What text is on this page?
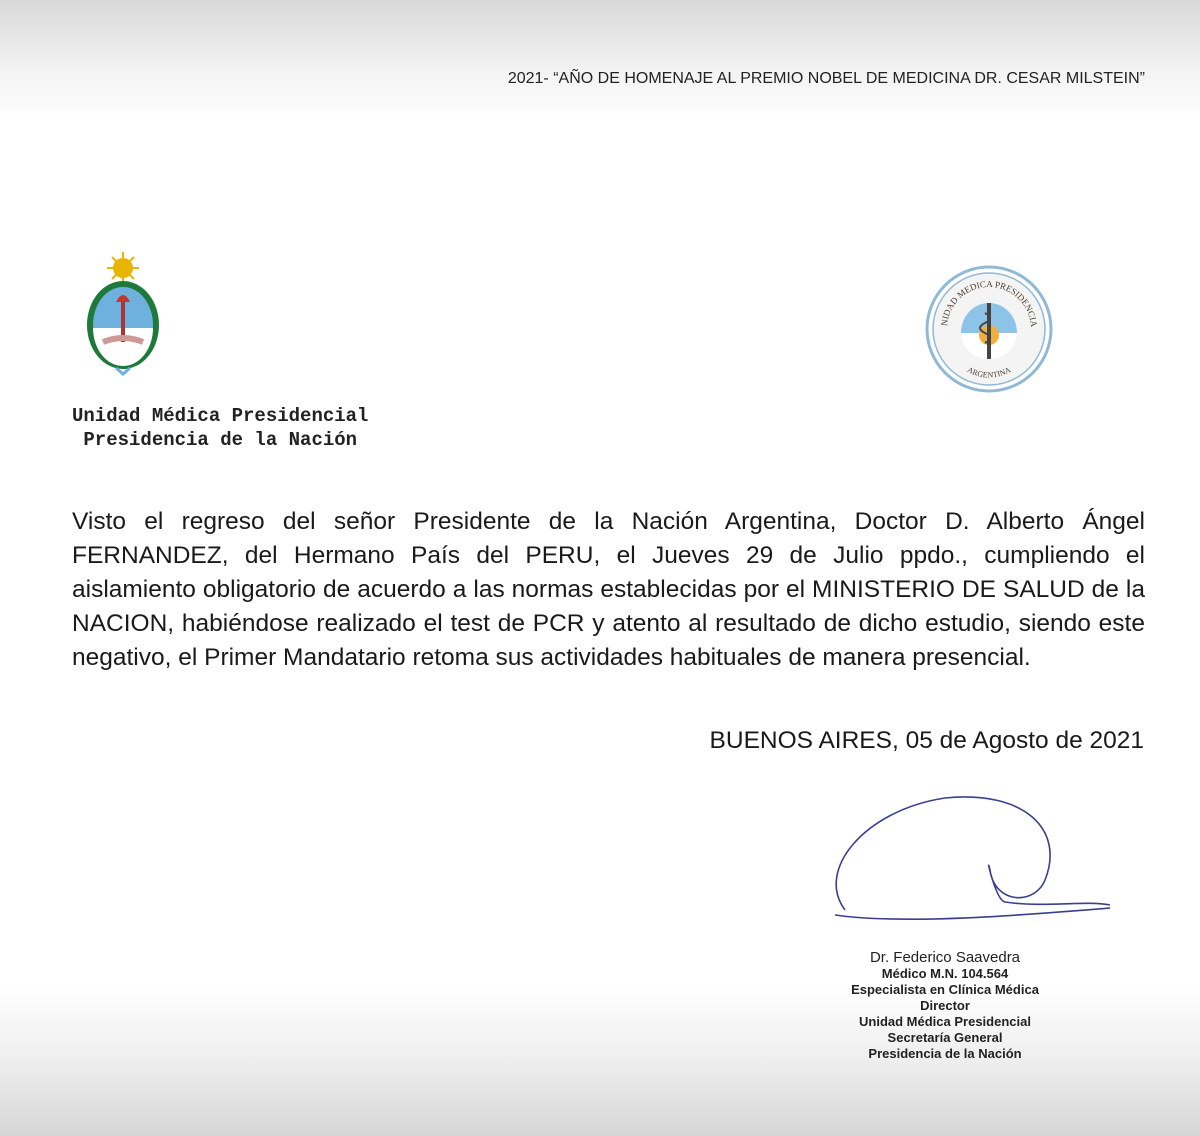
2021- “AÑO DE HOMENAJE AL PREMIO NOBEL DE MEDICINA DR. CESAR MILSTEIN”
NIDAD MEDICA PRESIDENCIA
ARGENTINA
Unidad Médica Presidencial
Presidencia de la Nación
Visto el regreso del señor Presidente de la Nación Argentina, Doctor D. Alberto Ángel FERNANDEZ, del Hermano País del PERU, el Jueves 29 de Julio ppdo., cumpliendo el aislamiento obligatorio de acuerdo a las normas establecidas por el MINISTERIO DE SALUD de la NACION, habiéndose realizado el test de PCR y atento al resultado de dicho estudio, siendo este negativo, el Primer Mandatario retoma sus actividades habituales de manera presencial.
BUENOS AIRES, 05 de Agosto de 2021
Dr. Federico Saavedra
Médico M.N. 104.564
Especialista en Clínica Médica
Director
Unidad Médica Presidencial
Secretaría General
Presidencia de la Nación
